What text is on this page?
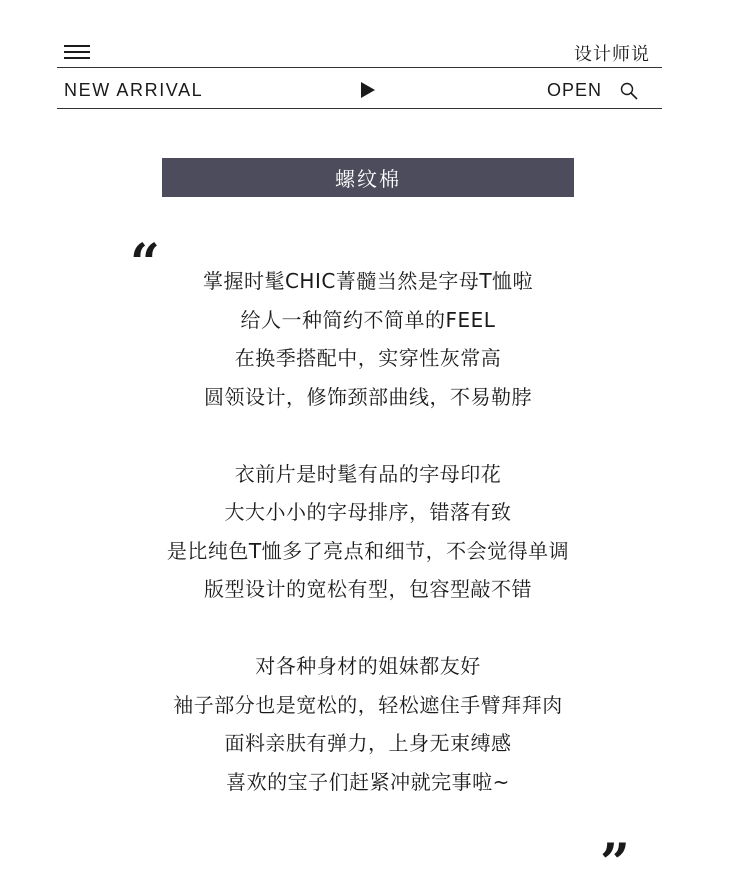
设计师说
NEW ARRIVAL	OPEN
螺纹棉
“	掌握时髦CHIC菁髓当然是字母T恤啦
给人一种简约不简单的FEEL
在换季搭配中，实穿性灰常高
圆领设计，修饰颈部曲线，不易勒脖
衣前片是时髦有品的字母印花
大大小小的字母排序，错落有致
是比纯色T恤多了亮点和细节，不会觉得单调
版型设计的宽松有型，包容型敲不错
对各种身材的姐妹都友好
袖子部分也是宽松的，轻松遮住手臂拜拜肉
面料亲肤有弹力，上身无束缚感
喜欢的宝子们赶紧冲就完事啦~
”
